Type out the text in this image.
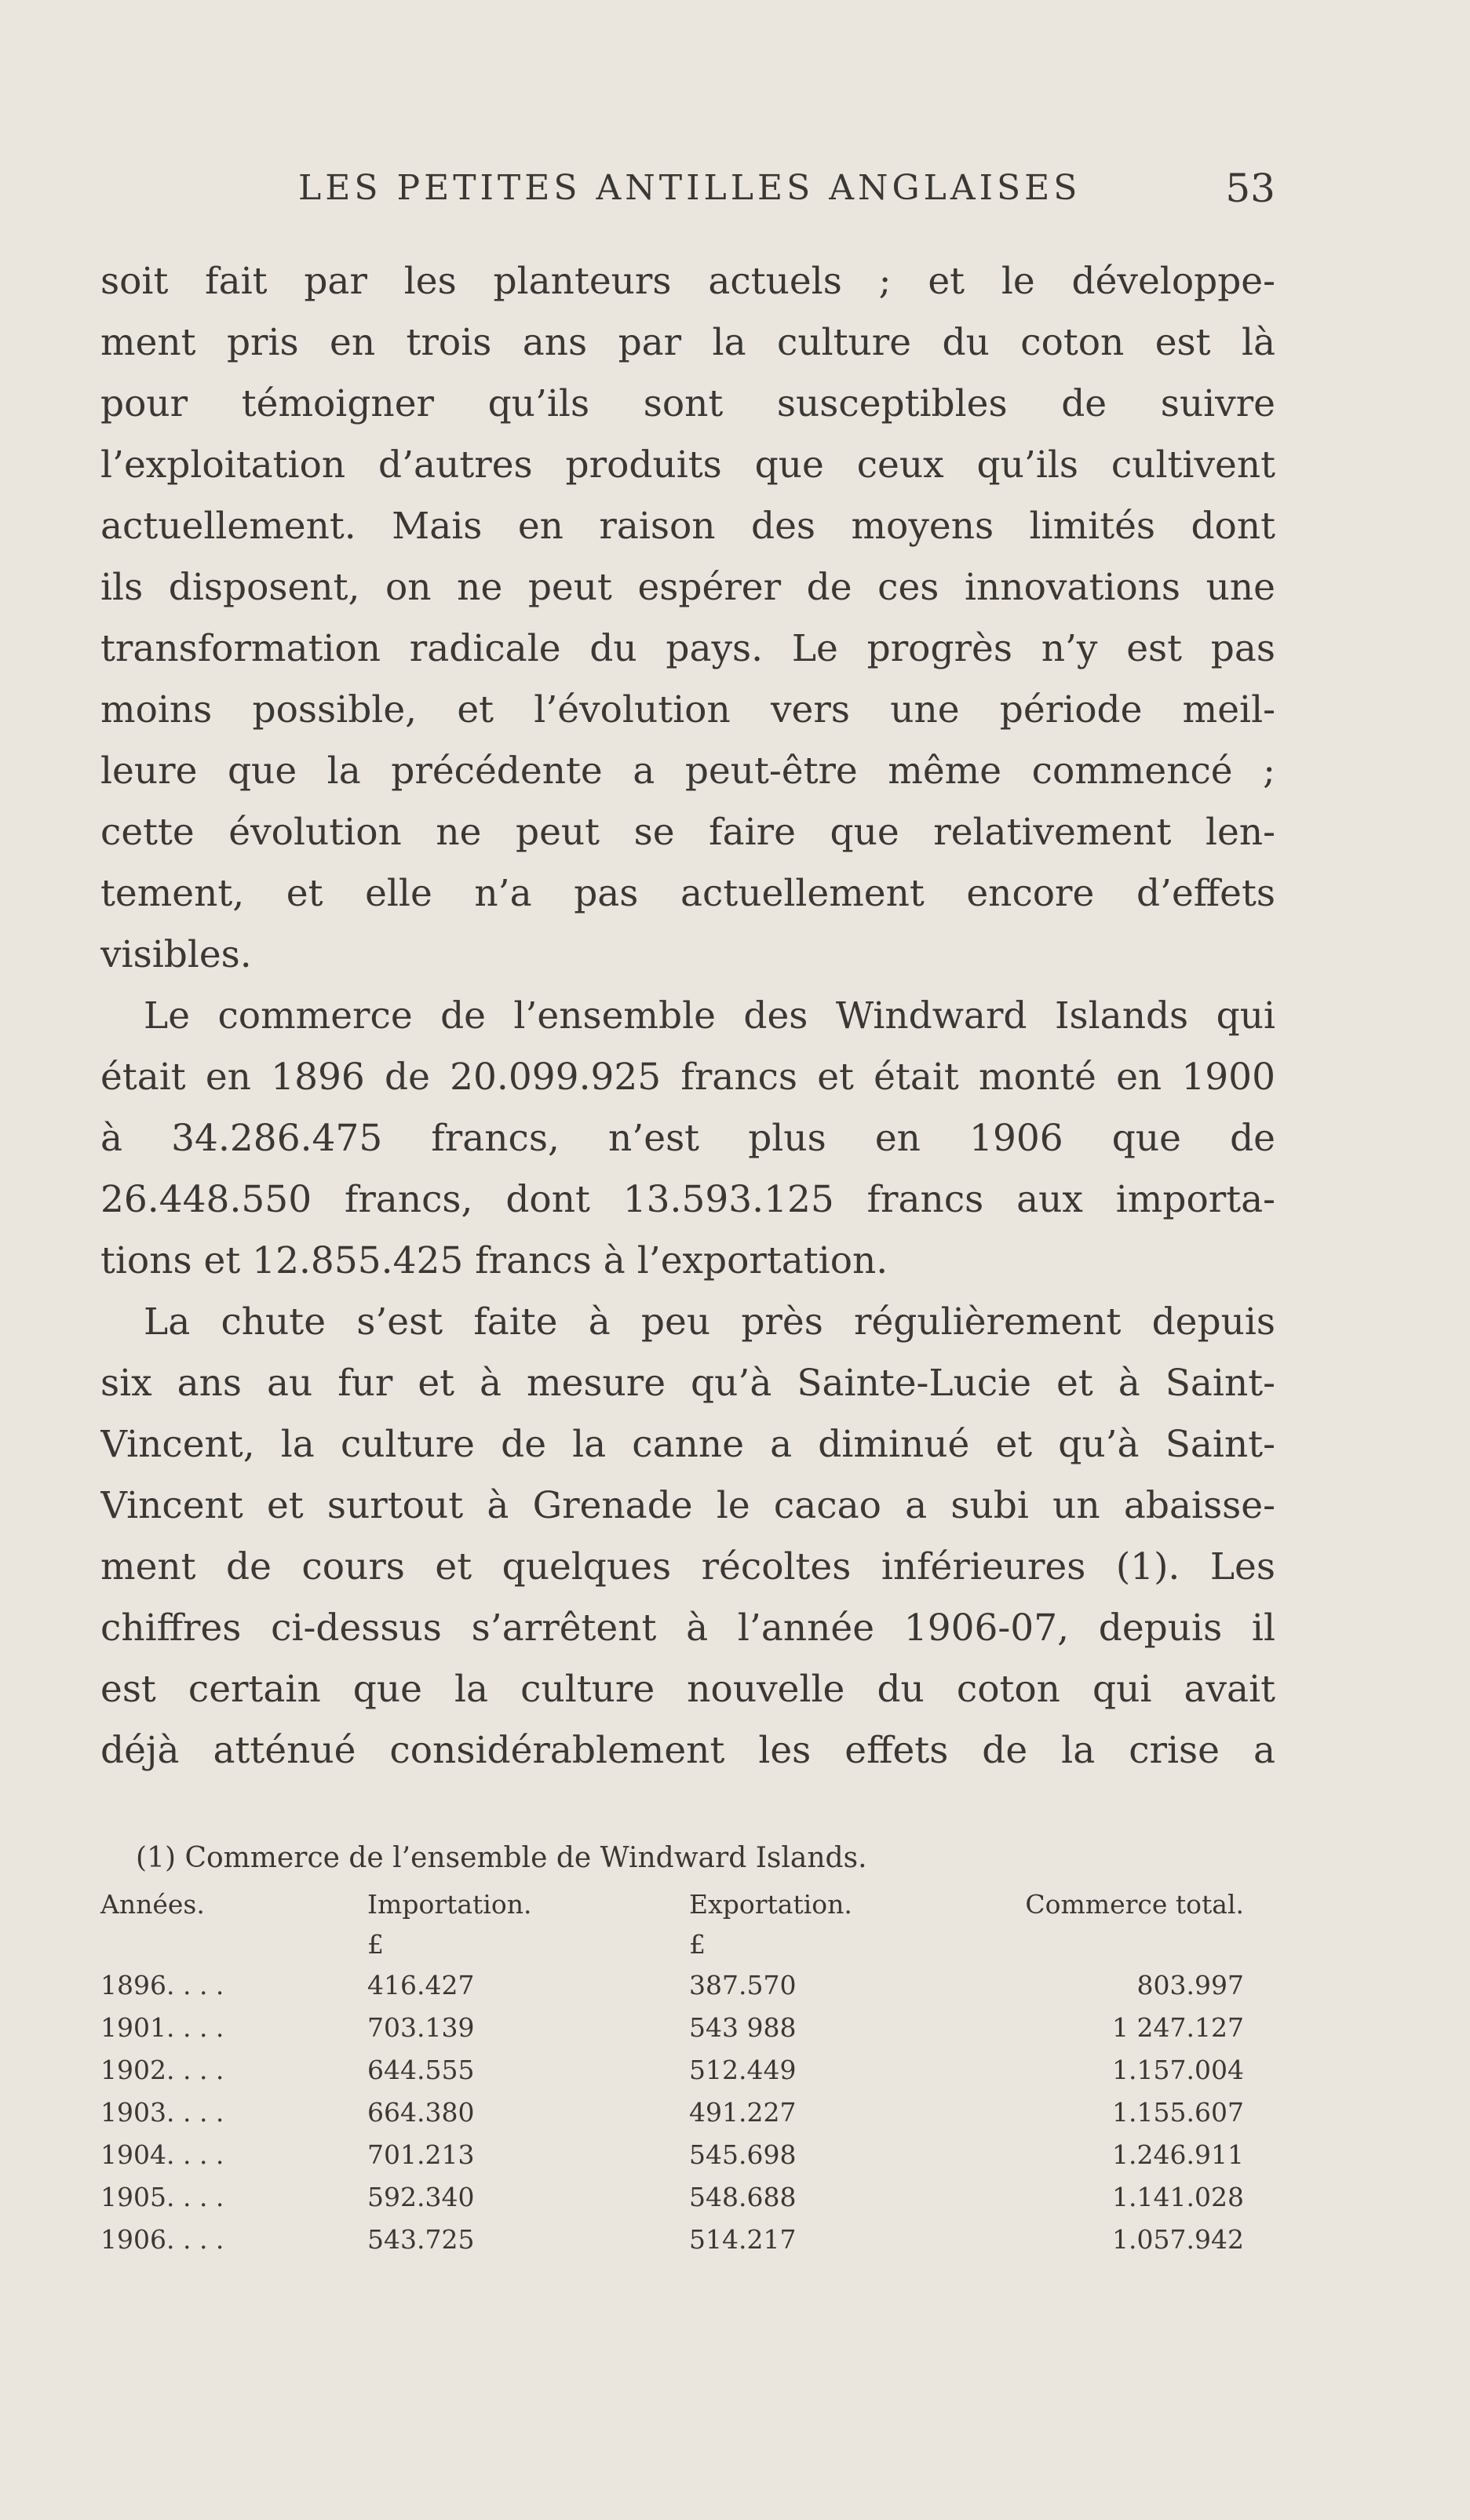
LES PETITES ANTILLES ANGLAISES	53
soit fait par les planteurs actuels ; et le développe-
ment pris en trois ans par la culture du coton est là
pour témoigner qu’ils sont susceptibles de suivre
l’exploitation d’autres produits que ceux qu’ils cultivent
actuellement. Mais en raison des moyens limités dont
ils disposent, on ne peut espérer de ces innovations une
transformation radicale du pays. Le progrès n’y est pas
moins possible, et l’évolution vers une période meil-
leure que la précédente a peut-être même commencé ;
cette évolution ne peut se faire que relativement len-
tement, et elle n’a pas actuellement encore d’effets
visibles.
Le commerce de l’ensemble des Windward Islands qui
était en 1896 de 20.099.925 francs et était monté en 1900
à 34.286.475 francs, n’est plus en 1906 que de
26.448.550 francs, dont 13.593.125 francs aux importa-
tions et 12.855.425 francs à l’exportation.
La chute s’est faite à peu près régulièrement depuis
six ans au fur et à mesure qu’à Sainte-Lucie et à Saint-
Vincent, la culture de la canne a diminué et qu’à Saint-
Vincent et surtout à Grenade le cacao a subi un abaisse-
ment de cours et quelques récoltes inférieures (1). Les
chiffres ci-dessus s’arrêtent à l’année 1906-07, depuis il
est certain que la culture nouvelle du coton qui avait
déjà atténué considérablement les effets de la crise a
(1) Commerce de l’ensemble de Windward Islands.
Années.	Importation.	Exportation.	Commerce total.
	£	£	
1896. . . .	416.427	387.570	803.997
1901. . . .	703.139	543 988	1 247.127
1902. . . .	644.555	512.449	1.157.004
1903. . . .	664.380	491.227	1.155.607
1904. . . .	701.213	545.698	1.246.911
1905. . . .	592.340	548.688	1.141.028
1906. . . .	543.725	514.217	1.057.942
